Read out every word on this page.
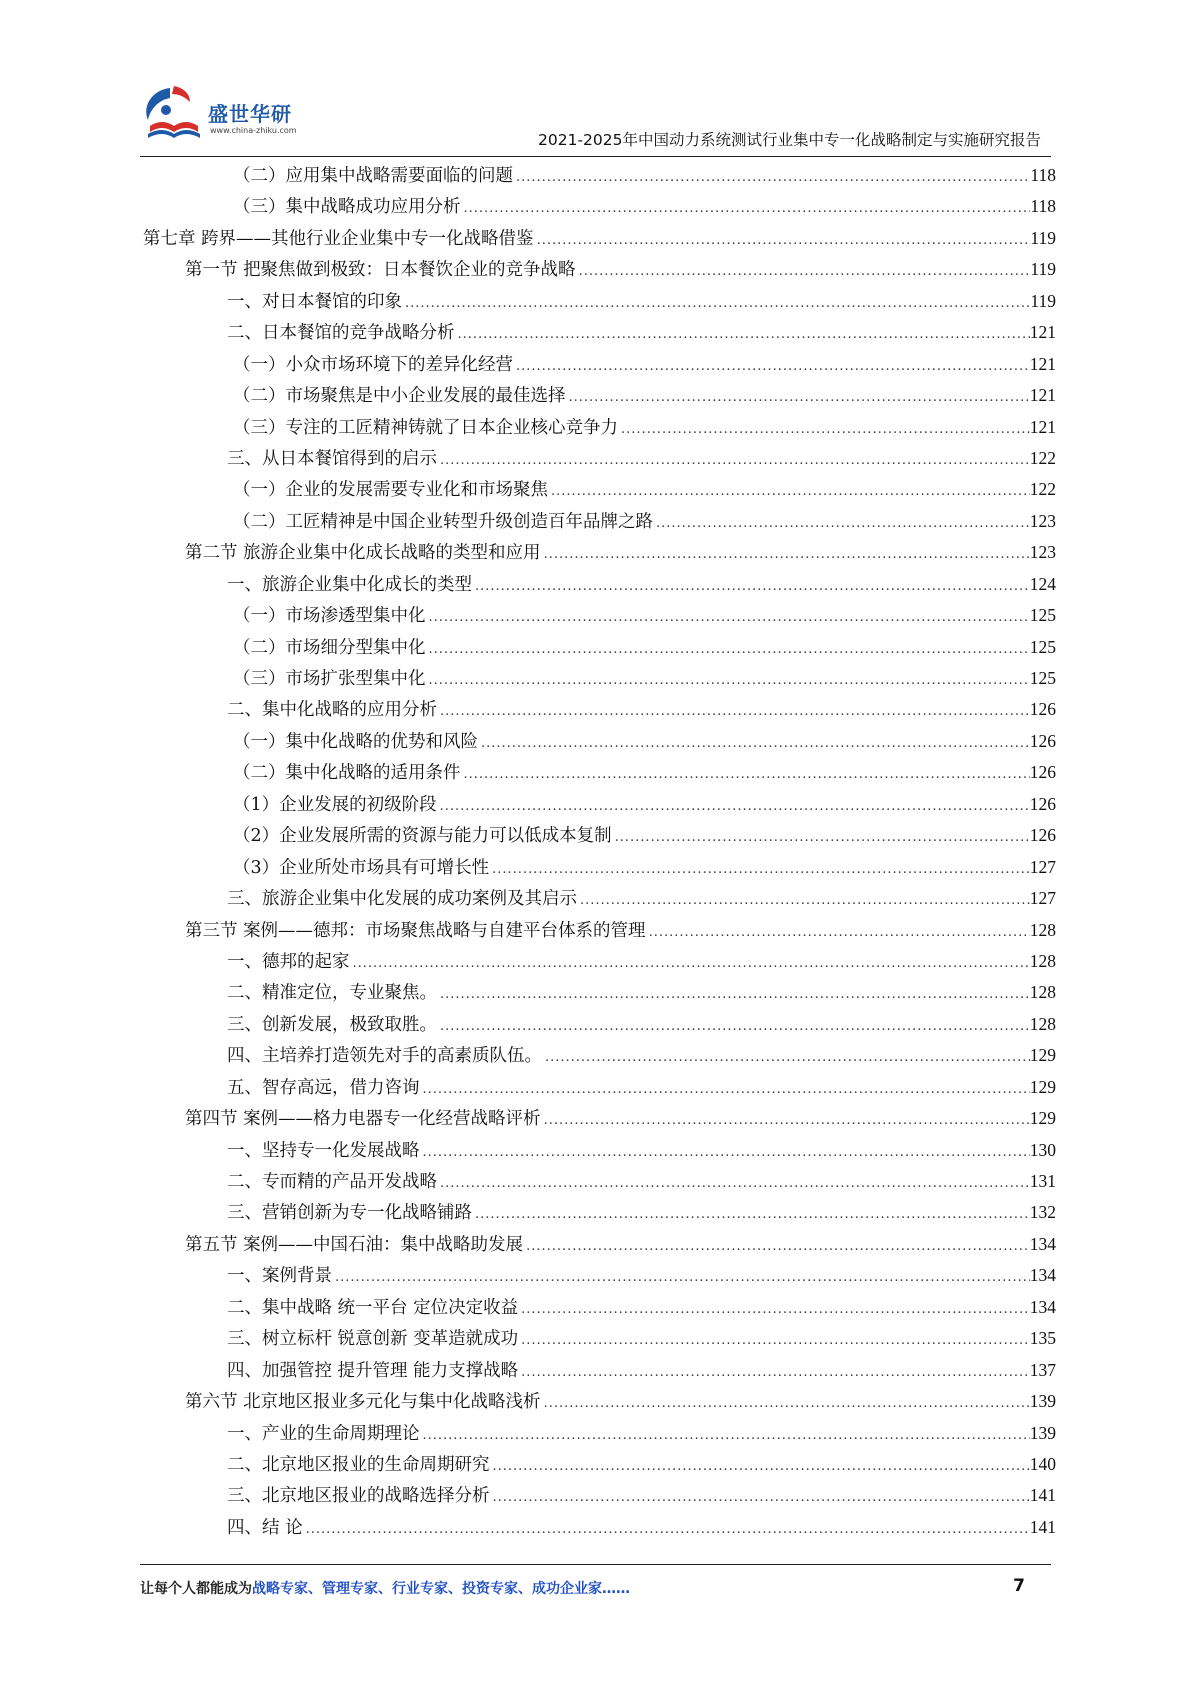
盛世华研
www.china-zhiku.com
2021-2025年中国动力系统测试行业集中专一化战略制定与实施研究报告
（二）应用集中战略需要面临的问题 .....	118
（三）集中战略成功应用分析 .....	118
第七章 跨界——其他行业企业集中专一化战略借鉴 .....	119
第一节 把聚焦做到极致：日本餐饮企业的竞争战略 .....	119
一、对日本餐馆的印象 .....	119
二、日本餐馆的竞争战略分析 .....	121
（一）小众市场环境下的差异化经营 .....	121
（二）市场聚焦是中小企业发展的最佳选择 .....	121
（三）专注的工匠精神铸就了日本企业核心竞争力 .....	121
三、从日本餐馆得到的启示 .....	122
（一）企业的发展需要专业化和市场聚焦 .....	122
（二）工匠精神是中国企业转型升级创造百年品牌之路 .....	123
第二节 旅游企业集中化成长战略的类型和应用 .....	123
一、旅游企业集中化成长的类型 .....	124
（一）市场渗透型集中化 .....	125
（二）市场细分型集中化 .....	125
（三）市场扩张型集中化 .....	125
二、集中化战略的应用分析 .....	126
（一）集中化战略的优势和风险 .....	126
（二）集中化战略的适用条件 .....	126
（1）企业发展的初级阶段 .....	126
（2）企业发展所需的资源与能力可以低成本复制 .....	126
（3）企业所处市场具有可增长性 .....	127
三、旅游企业集中化发展的成功案例及其启示 .....	127
第三节 案例——德邦：市场聚焦战略与自建平台体系的管理 .....	128
一、德邦的起家 .....	128
二、精准定位，专业聚焦。 .....	128
三、创新发展，极致取胜。 .....	128
四、主培养打造领先对手的高素质队伍。 .....	129
五、智存高远，借力咨询 .....	129
第四节 案例——格力电器专一化经营战略评析 .....	129
一、坚持专一化发展战略 .....	130
二、专而精的产品开发战略 .....	131
三、营销创新为专一化战略铺路 .....	132
第五节 案例——中国石油：集中战略助发展 .....	134
一、案例背景 .....	134
二、集中战略 统一平台 定位决定收益 .....	134
三、树立标杆 锐意创新 变革造就成功 .....	135
四、加强管控 提升管理 能力支撑战略 .....	137
第六节 北京地区报业多元化与集中化战略浅析 .....	139
一、产业的生命周期理论 .....	139
二、北京地区报业的生命周期研究 .....	140
三、北京地区报业的战略选择分析 .....	141
四、结 论 .....	141
让每个人都能成为战略专家、管理专家、行业专家、投资专家、成功企业家……	7
